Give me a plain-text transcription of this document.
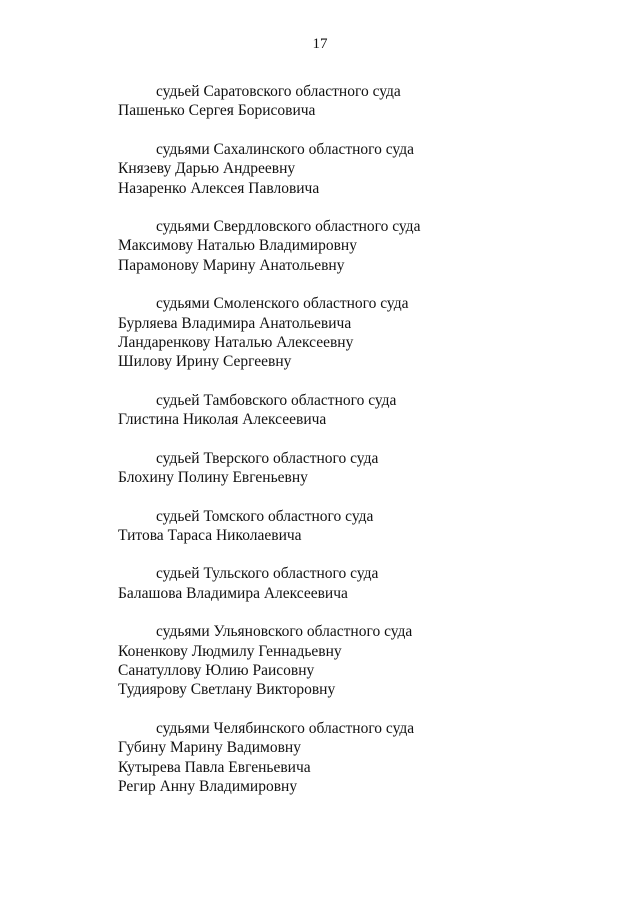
17
судьей Саратовского областного суда
Пашенько Сергея Борисовича
судьями Сахалинского областного суда
Князеву Дарью Андреевну
Назаренко Алексея Павловича
судьями Свердловского областного суда
Максимову Наталью Владимировну
Парамонову Марину Анатольевну
судьями Смоленского областного суда
Бурляева Владимира Анатольевича
Ландаренкову Наталью Алексеевну
Шилову Ирину Сергеевну
судьей Тамбовского областного суда
Глистина Николая Алексеевича
судьей Тверского областного суда
Блохину Полину Евгеньевну
судьей Томского областного суда
Титова Тараса Николаевича
судьей Тульского областного суда
Балашова Владимира Алексеевича
судьями Ульяновского областного суда
Коненкову Людмилу Геннадьевну
Санатуллову Юлию Раисовну
Тудиярову Светлану Викторовну
судьями Челябинского областного суда
Губину Марину Вадимовну
Кутырева Павла Евгеньевича
Регир Анну Владимировну
